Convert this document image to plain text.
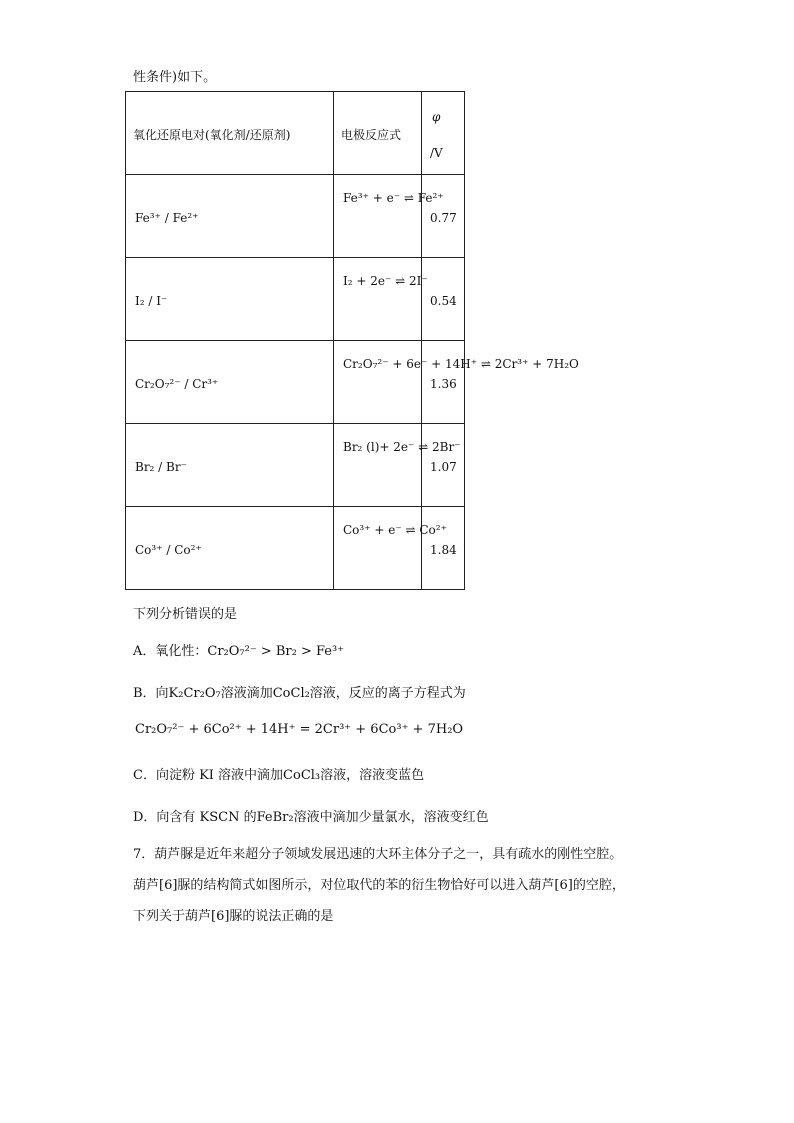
性条件)如下。
氧化还原电对(氧化剂/还原剂)	电极反应式	φ
/V

Fe³⁺ / Fe²⁺	Fe³⁺ + e⁻ ⇌ Fe²⁺	0.77

I₂ / I⁻	I₂ + 2e⁻ ⇌ 2I⁻	0.54

Cr₂O₇²⁻ / Cr³⁺	Cr₂O₇²⁻ + 6e⁻ + 14H⁺ ⇌ 2Cr³⁺ + 7H₂O	1.36

Br₂ / Br⁻	Br₂ (l)+ 2e⁻ ⇌ 2Br⁻	1.07

Co³⁺ / Co²⁺	Co³⁺ + e⁻ ⇌ Co²⁺	1.84
下列分析错误的是
A．氧化性：Cr₂O₇²⁻ > Br₂ > Fe³⁺
B．向K₂Cr₂O₇溶液滴加CoCl₂溶液，反应的离子方程式为
Cr₂O₇²⁻ + 6Co²⁺ + 14H⁺ = 2Cr³⁺ + 6Co³⁺ + 7H₂O
C．向淀粉 KI 溶液中滴加CoCl₃溶液，溶液变蓝色
D．向含有 KSCN 的FeBr₂溶液中滴加少量氯水，溶液变红色
7．葫芦脲是近年来超分子领域发展迅速的大环主体分子之一，具有疏水的刚性空腔。
葫芦[6]脲的结构简式如图所示，对位取代的苯的衍生物恰好可以进入葫芦[6]的空腔，
下列关于葫芦[6]脲的说法正确的是
